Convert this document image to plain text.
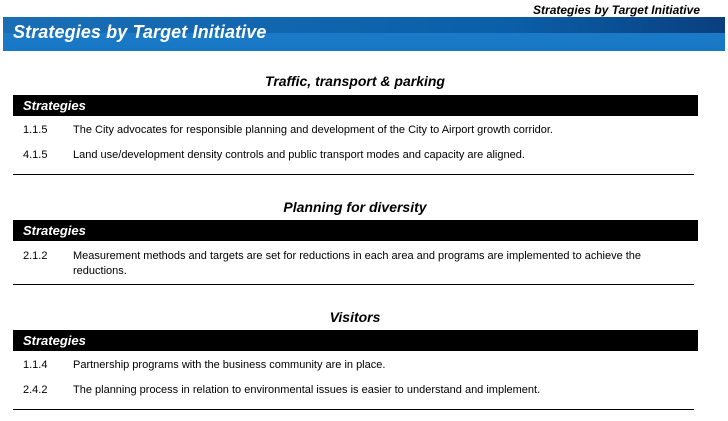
Strategies by Target Initiative
Strategies by Target Initiative
Traffic, transport & parking
Strategies
1.1.5	The City advocates for responsible planning and development of the City to Airport growth corridor.
4.1.5	Land use/development density controls and public transport modes and capacity are aligned.
Planning for diversity
Strategies
2.1.2	Measurement methods and targets are set for reductions in each area and programs are implemented to achieve the reductions.
Visitors
Strategies
1.1.4	Partnership programs with the business community are in place.
2.4.2	The planning process in relation to environmental issues is easier to understand and implement.
